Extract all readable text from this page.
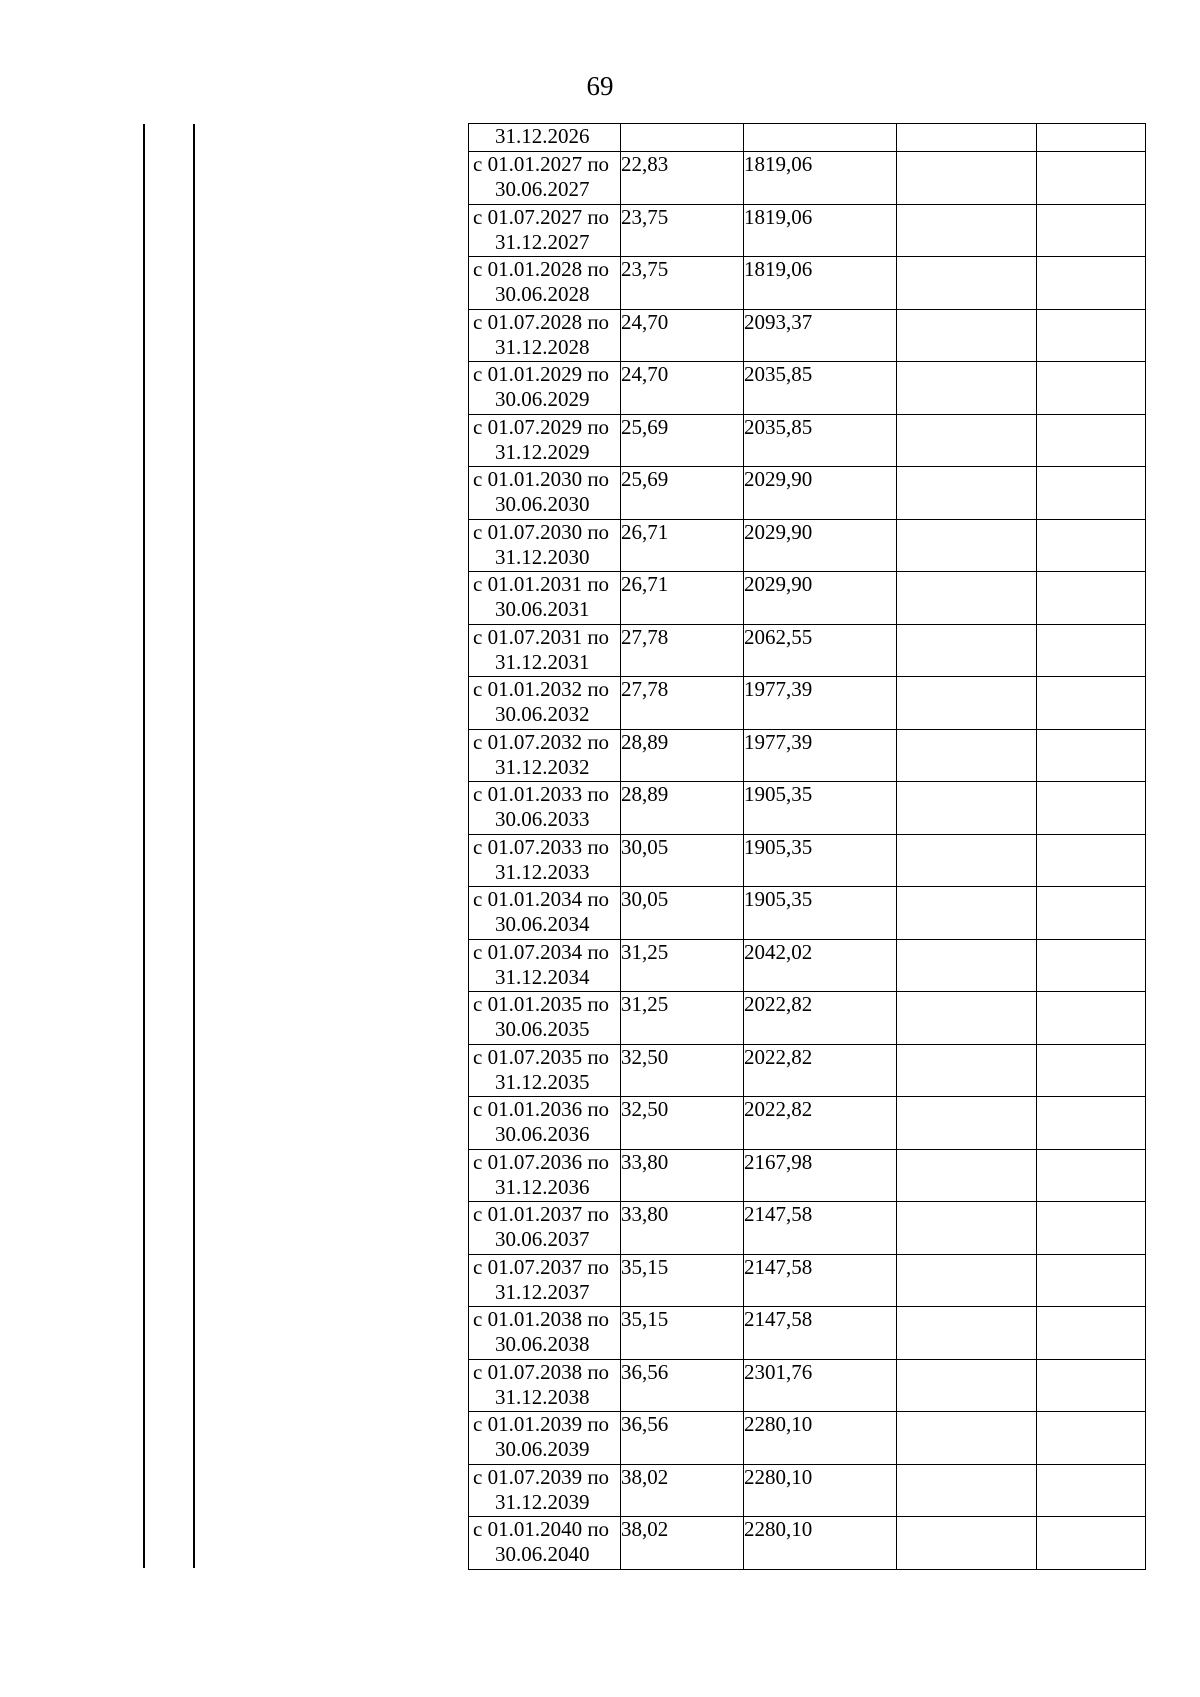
69
31.12.2026				

с 01.01.2027 по
30.06.2027	22,83	1819,06		

с 01.07.2027 по
31.12.2027	23,75	1819,06		

с 01.01.2028 по
30.06.2028	23,75	1819,06		

с 01.07.2028 по
31.12.2028	24,70	2093,37		

с 01.01.2029 по
30.06.2029	24,70	2035,85		

с 01.07.2029 по
31.12.2029	25,69	2035,85		

с 01.01.2030 по
30.06.2030	25,69	2029,90		

с 01.07.2030 по
31.12.2030	26,71	2029,90		

с 01.01.2031 по
30.06.2031	26,71	2029,90		

с 01.07.2031 по
31.12.2031	27,78	2062,55		

с 01.01.2032 по
30.06.2032	27,78	1977,39		

с 01.07.2032 по
31.12.2032	28,89	1977,39		

с 01.01.2033 по
30.06.2033	28,89	1905,35		

с 01.07.2033 по
31.12.2033	30,05	1905,35		

с 01.01.2034 по
30.06.2034	30,05	1905,35		

с 01.07.2034 по
31.12.2034	31,25	2042,02		

с 01.01.2035 по
30.06.2035	31,25	2022,82		

с 01.07.2035 по
31.12.2035	32,50	2022,82		

с 01.01.2036 по
30.06.2036	32,50	2022,82		

с 01.07.2036 по
31.12.2036	33,80	2167,98		

с 01.01.2037 по
30.06.2037	33,80	2147,58		

с 01.07.2037 по
31.12.2037	35,15	2147,58		

с 01.01.2038 по
30.06.2038	35,15	2147,58		

с 01.07.2038 по
31.12.2038	36,56	2301,76		

с 01.01.2039 по
30.06.2039	36,56	2280,10		

с 01.07.2039 по
31.12.2039	38,02	2280,10		

с 01.01.2040 по
30.06.2040	38,02	2280,10		
